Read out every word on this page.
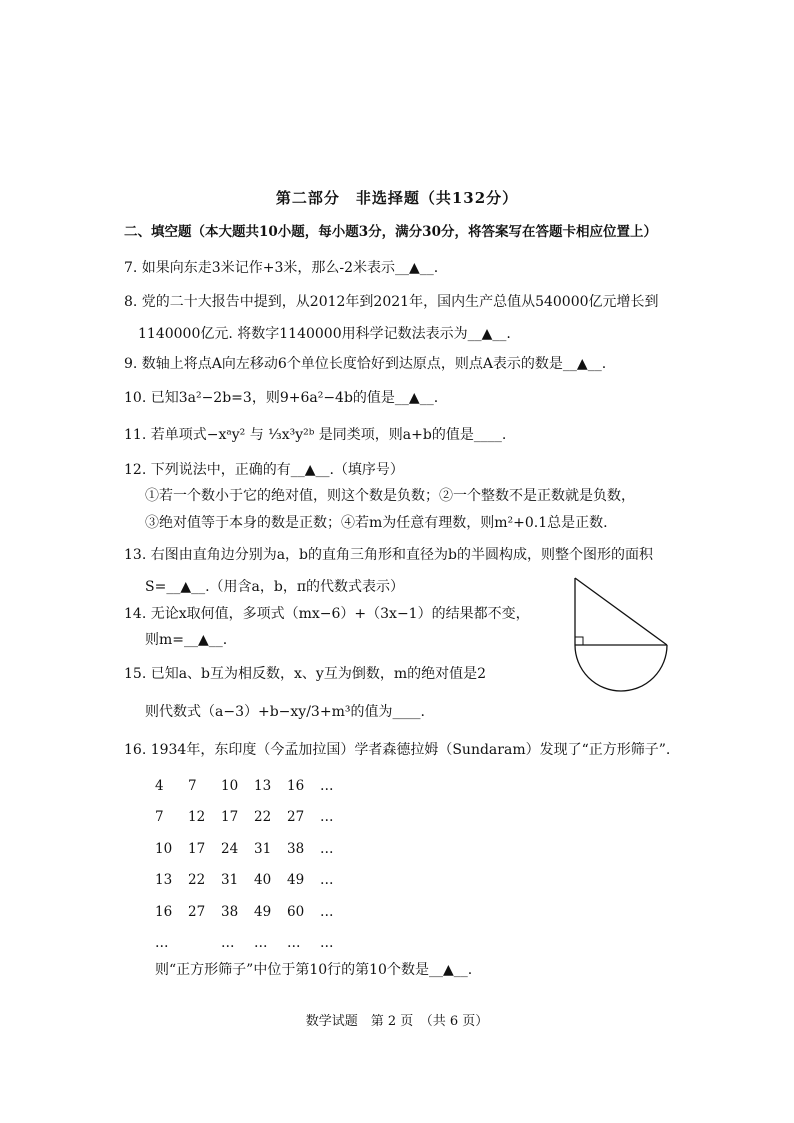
第二部分　非选择题（共132分）
二、填空题（本大题共10小题，每小题3分，满分30分，将答案写在答题卡相应位置上）
7. 如果向东走3米记作+3米，那么-2米表示__▲__.
8. 党的二十大报告中提到，从2012年到2021年，国内生产总值从540000亿元增长到
1140000亿元. 将数字1140000用科学记数法表示为__▲__.
9. 数轴上将点A向左移动6个单位长度恰好到达原点，则点A表示的数是__▲__.
10. 已知3a²−2b=3，则9+6a²−4b的值是__▲__.
11. 若单项式−xᵃy² 与 ⅓x³y²ᵇ 是同类项，则a+b的值是____.
12. 下列说法中，正确的有__▲__.（填序号）
①若一个数小于它的绝对值，则这个数是负数；②一个整数不是正数就是负数，
③绝对值等于本身的数是正数；④若m为任意有理数，则m²+0.1总是正数.
13. 右图由直角边分别为a，b的直角三角形和直径为b的半圆构成，则整个图形的面积
S=__▲__.（用含a，b，π的代数式表示）
14. 无论x取何值，多项式（mx−6）+（3x−1）的结果都不变，
则m=__▲__.
15. 已知a、b互为相反数，x、y互为倒数，m的绝对值是2
则代数式（a−3）+b−xy/3+m³的值为____.
16. 1934年，东印度（今孟加拉国）学者森德拉姆（Sundaram）发现了“正方形筛子”.
4	7	10	13	16	…
7	12	17	22	27	…
10	17	24	31	38	…
13	22	31	40	49	…
16	27	38	49	60	…
…		…	…	…	…
则“正方形筛子”中位于第10行的第10个数是__▲__.
数学试题　第 2 页　（共 6 页）
